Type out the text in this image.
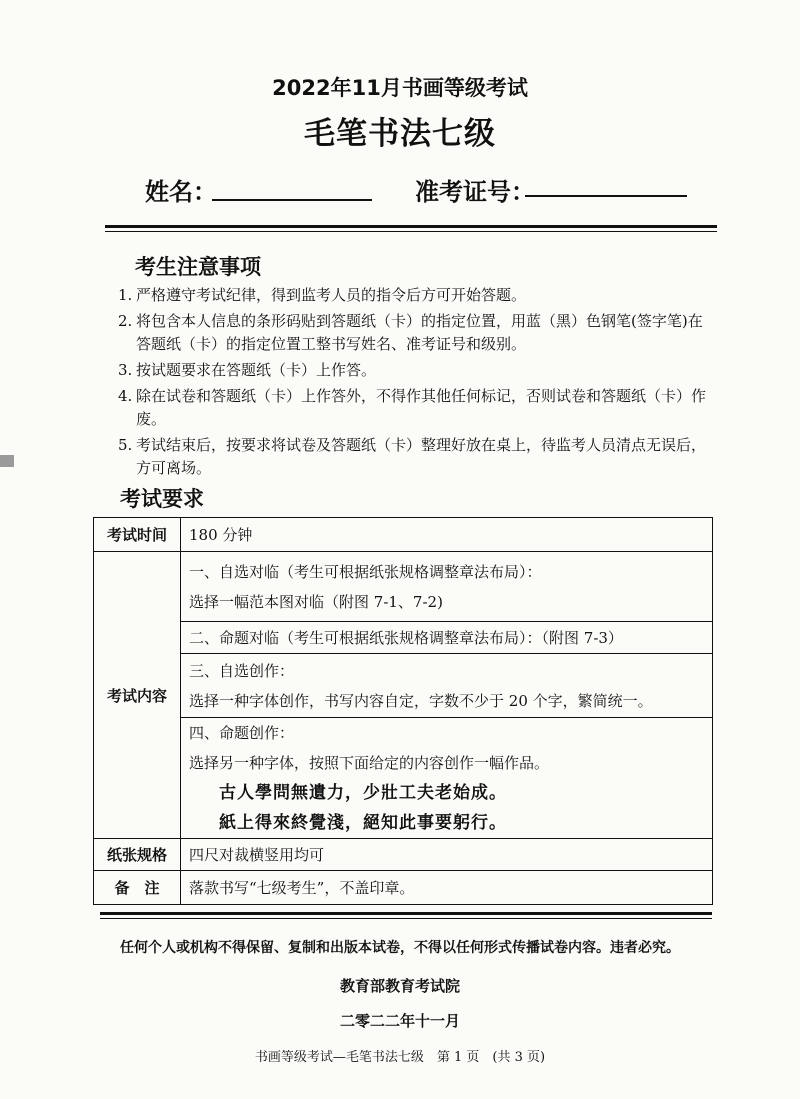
2022年11月书画等级考试
毛笔书法七级
姓名：	准考证号：
考生注意事项
1. 严格遵守考试纪律，得到监考人员的指令后方可开始答题。
2. 将包含本人信息的条形码贴到答题纸（卡）的指定位置，用蓝（黑）色钢笔(签字笔)在答题纸（卡）的指定位置工整书写姓名、准考证号和级别。
3. 按试题要求在答题纸（卡）上作答。
4. 除在试卷和答题纸（卡）上作答外，不得作其他任何标记，否则试卷和答题纸（卡）作废。
5. 考试结束后，按要求将试卷及答题纸（卡）整理好放在桌上，待监考人员清点无误后，方可离场。
考试要求
考试时间	180 分钟
考试内容	一、自选对临（考生可根据纸张规格调整章法布局）：
选择一幅范本图对临（附图 7-1、7-2)

	二、命题对临（考生可根据纸张规格调整章法布局）：（附图 7-3）

	三、自选创作：
选择一种字体创作，书写内容自定，字数不少于 20 个字，繁简统一。

	四、命题创作：
选择另一种字体，按照下面给定的内容创作一幅作品。
古人學問無遺力，少壯工夫老始成。
紙上得來終覺淺，絕知此事要躬行。

纸张规格	四尺对裁横竖用均可
备　注	落款书写“七级考生”，不盖印章。
任何个人或机构不得保留、复制和出版本试卷，不得以任何形式传播试卷内容。违者必究。
教育部教育考试院
二零二二年十一月
书画等级考试—毛笔书法七级　第 1 页　(共 3 页)
